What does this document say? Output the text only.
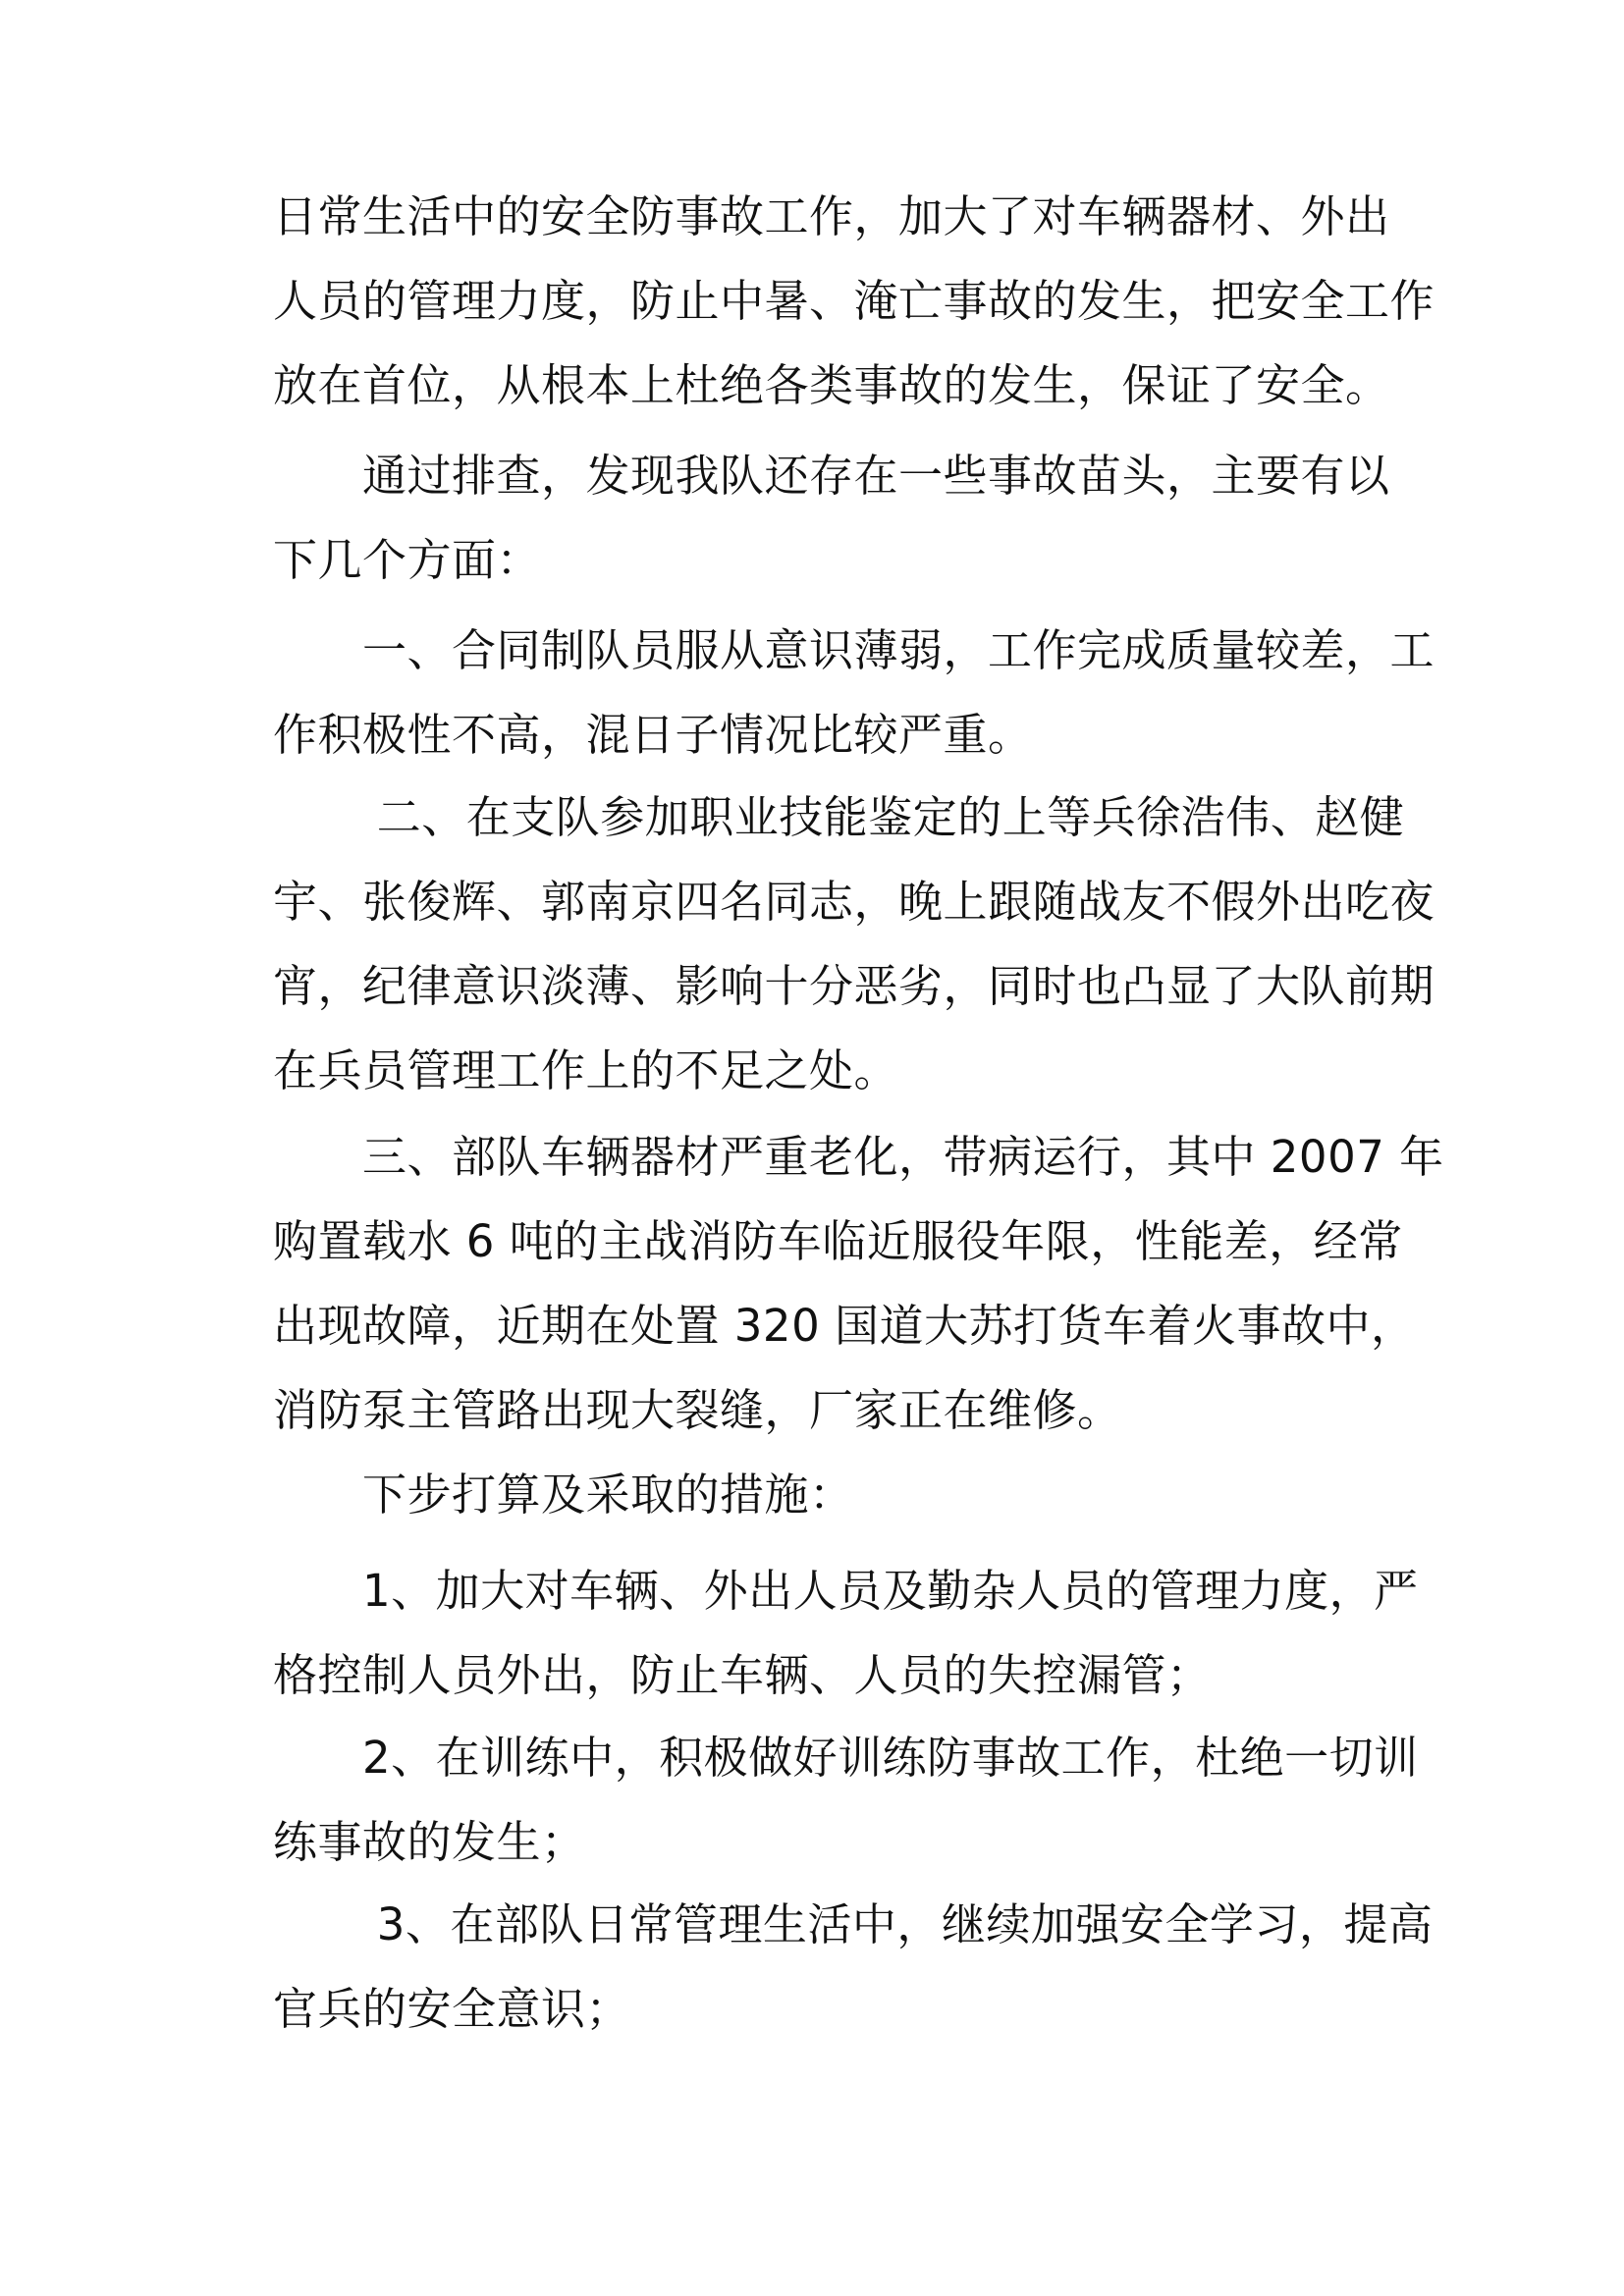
日常生活中的安全防事故工作，加大了对车辆器材、外出
人员的管理力度，防止中暑、淹亡事故的发生，把安全工作
放在首位，从根本上杜绝各类事故的发生，保证了安全。

　　通过排查，发现我队还存在一些事故苗头，主要有以
下几个方面：

　　一、合同制队员服从意识薄弱，工作完成质量较差，工
作积极性不高，混日子情况比较严重。

　　 二、在支队参加职业技能鉴定的上等兵徐浩伟、赵健
宇、张俊辉、郭南京四名同志，晚上跟随战友不假外出吃夜
宵，纪律意识淡薄、影响十分恶劣，同时也凸显了大队前期
在兵员管理工作上的不足之处。

　　三、部队车辆器材严重老化，带病运行，其中 2007 年
购置载水 6 吨的主战消防车临近服役年限，性能差，经常
出现故障，近期在处置 320 国道大苏打货车着火事故中，
消防泵主管路出现大裂缝，厂家正在维修。

　　下步打算及采取的措施：

　　1、加大对车辆、外出人员及勤杂人员的管理力度，严
格控制人员外出，防止车辆、人员的失控漏管；

　　2、在训练中，积极做好训练防事故工作，杜绝一切训
练事故的发生；

　　 3、在部队日常管理生活中，继续加强安全学习，提高
官兵的安全意识；
